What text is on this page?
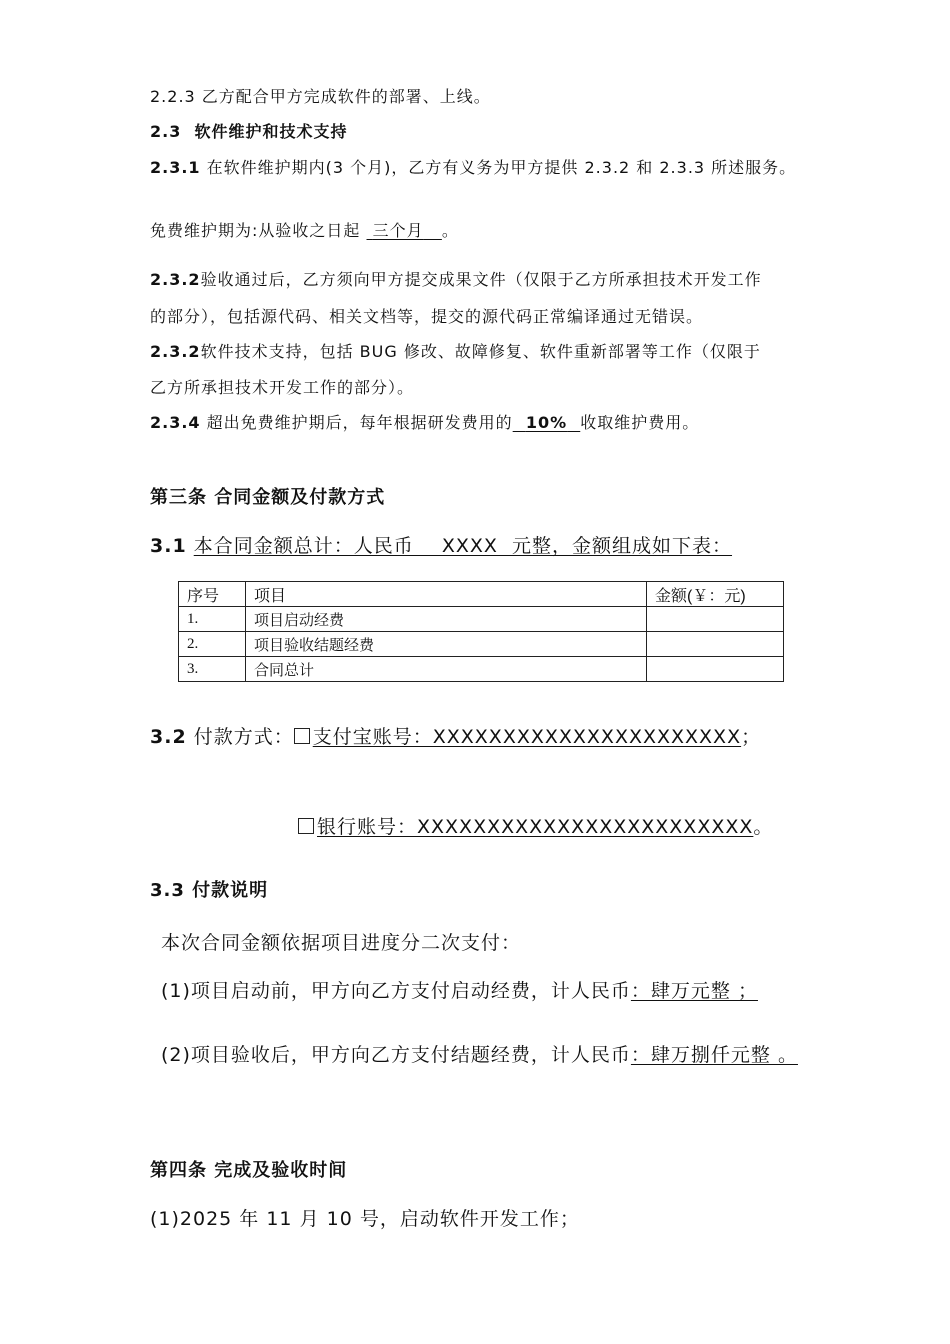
2.2.3 乙方配合甲方完成软件的部署、上线。
2.3 软件维护和技术支持
2.3.1 在软件维护期内(3 个月)，乙方有义务为甲方提供 2.3.2 和 2.3.3 所述服务。
免费维护期为:从验收之日起 三个月 。
2.3.2验收通过后，乙方须向甲方提交成果文件（仅限于乙方所承担技术开发工作
的部分），包括源代码、相关文档等，提交的源代码正常编译通过无错误。
2.3.2软件技术支持，包括 BUG 修改、故障修复、软件重新部署等工作（仅限于
乙方所承担技术开发工作的部分）。
2.3.4 超出免费维护期后，每年根据研发费用的 10% 收取维护费用。
第三条 合同金额及付款方式
3.1 本合同金额总计：人民币    XXXX  元整，金额组成如下表：
序号	项目	金额(￥：元)
1.	项目启动经费	
2.	项目验收结题经费	
3.	合同总计	
3.2 付款方式： 支付宝账号：XXXXXXXXXXXXXXXXXXXXXX；
银行账号：XXXXXXXXXXXXXXXXXXXXXXXX。
3.3 付款说明
本次合同金额依据项目进度分二次支付：
(1)项目启动前，甲方向乙方支付启动经费，计人民币：肆万元整 ；
(2)项目验收后，甲方向乙方支付结题经费，计人民币：肆万捌仟元整 。
第四条 完成及验收时间
(1)2025 年 11 月 10 号，启动软件开发工作；
